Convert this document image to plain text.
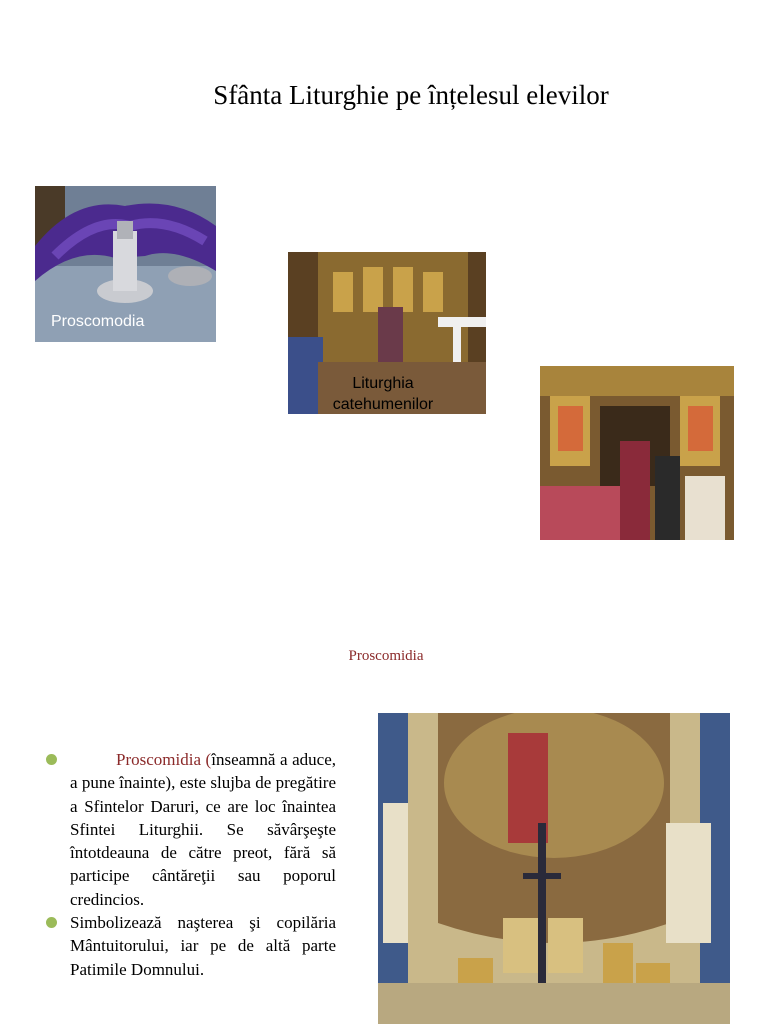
Sfânta Liturghie pe înțelesul elevilor
Proscomodia
Liturghia
catehumenilor
Proscomidia
Proscomidia (înseamnă a aduce, a pune înainte), este slujba de pregătire a Sfintelor Daruri, ce are loc înaintea Sfintei Liturghii. Se săvârşeşte întotdeauna de către preot, fără să participe cântăreţii sau poporul credincios.
Simbolizează naşterea şi copilăria Mântuitorului, iar pe de altă parte Patimile Domnului.
